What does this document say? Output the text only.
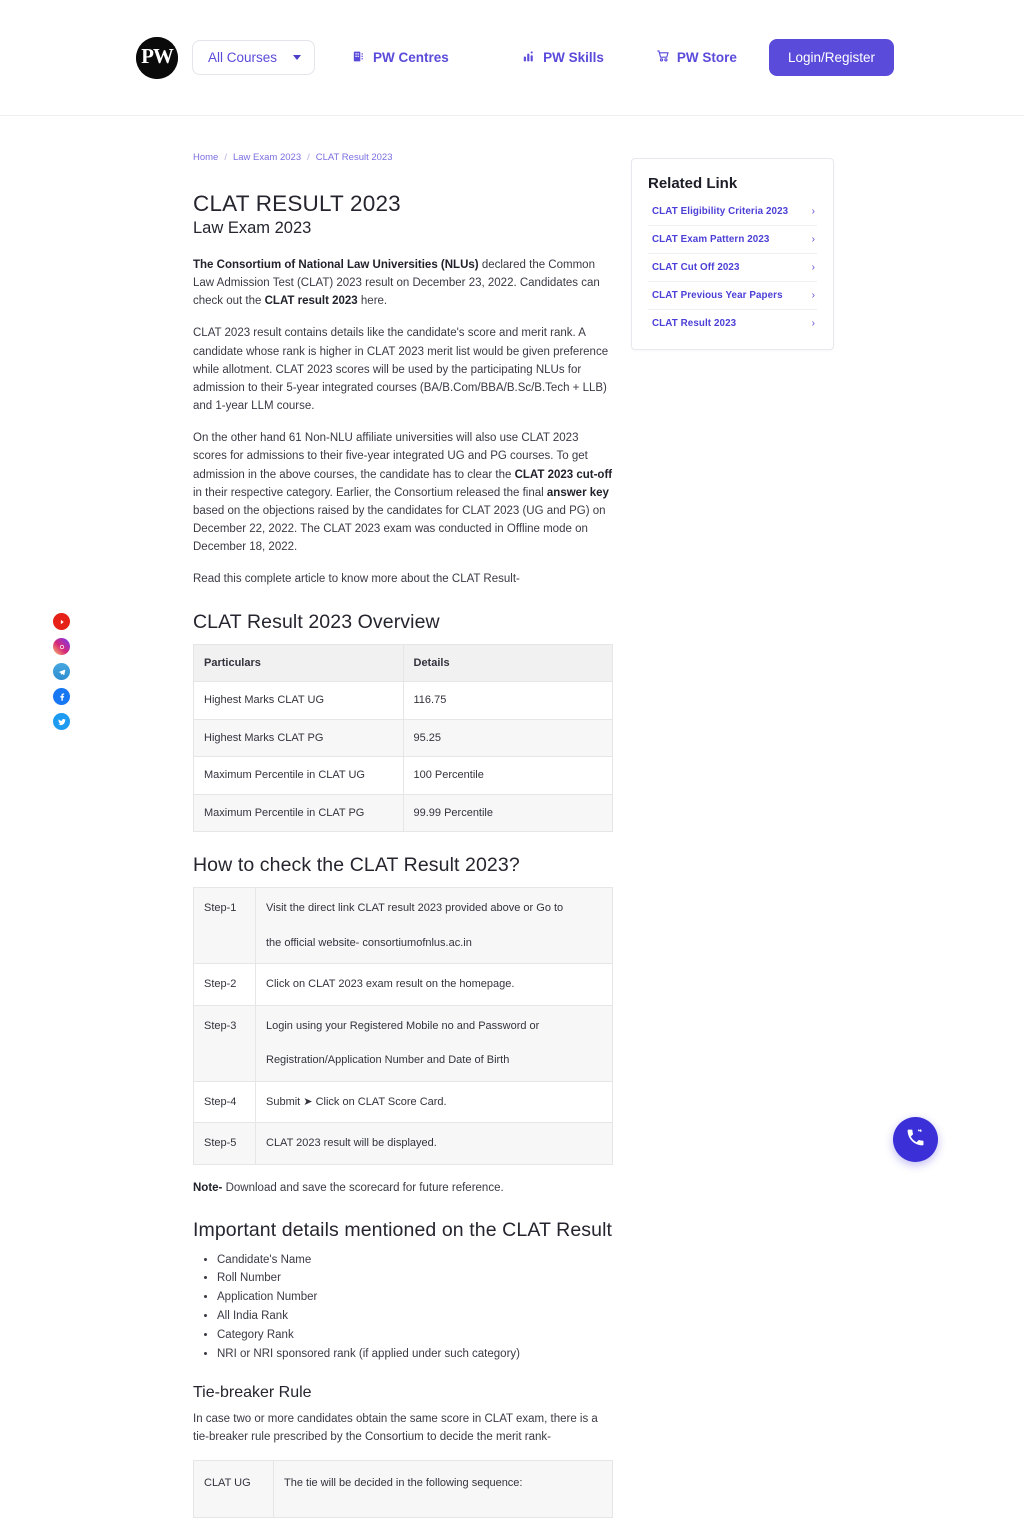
PW	All Courses	PW Centres	PW Skills	PW Store	Login/Register
Home / Law Exam 2023 / CLAT Result 2023
CLAT RESULT 2023
Law Exam 2023

The Consortium of National Law Universities (NLUs) declared the Common Law Admission Test (CLAT) 2023 result on December 23, 2022. Candidates can check out the CLAT result 2023 here.

CLAT 2023 result contains details like the candidate's score and merit rank. A candidate whose rank is higher in CLAT 2023 merit list would be given preference while allotment. CLAT 2023 scores will be used by the participating NLUs for admission to their 5-year integrated courses (BA/B.Com/BBA/B.Sc/B.Tech + LLB) and 1-year LLM course.

On the other hand 61 Non-NLU affiliate universities will also use CLAT 2023 scores for admissions to their five-year integrated UG and PG courses. To get admission in the above courses, the candidate has to clear the CLAT 2023 cut-off in their respective category. Earlier, the Consortium released the final answer key based on the objections raised by the candidates for CLAT 2023 (UG and PG) on December 22, 2022. The CLAT 2023 exam was conducted in Offline mode on December 18, 2022.

Read this complete article to know more about the CLAT Result-

CLAT Result 2023 Overview
Particulars	Details
Highest Marks CLAT UG	116.75
Highest Marks CLAT PG	95.25
Maximum Percentile in CLAT UG	100 Percentile
Maximum Percentile in CLAT PG	99.99 Percentile
How to check the CLAT Result 2023?
Step-1	Visit the direct link CLAT result 2023 provided above or Go to

the official website- consortiumofnlus.ac.in

Step-2	Click on CLAT 2023 exam result on the homepage.

Step-3	Login using your Registered Mobile no and Password or

Registration/Application Number and Date of Birth

Step-4	Submit ➤ Click on CLAT Score Card.

Step-5	CLAT 2023 result will be displayed.

Note- Download and save the scorecard for future reference.

Important details mentioned on the CLAT Result
• Candidate's Name
• Roll Number
• Application Number
• All India Rank
• Category Rank
• NRI or NRI sponsored rank (if applied under such category)
Tie-breaker Rule

In case two or more candidates obtain the same score in CLAT exam, there is a tie-breaker rule prescribed by the Consortium to decide the merit rank-

CLAT UG	The tie will be decided in the following sequence:
Related Link
CLAT Eligibility Criteria 2023 ›
CLAT Exam Pattern 2023	›
CLAT Cut Off 2023	›
CLAT Previous Year Papers	›
CLAT Result 2023	›
